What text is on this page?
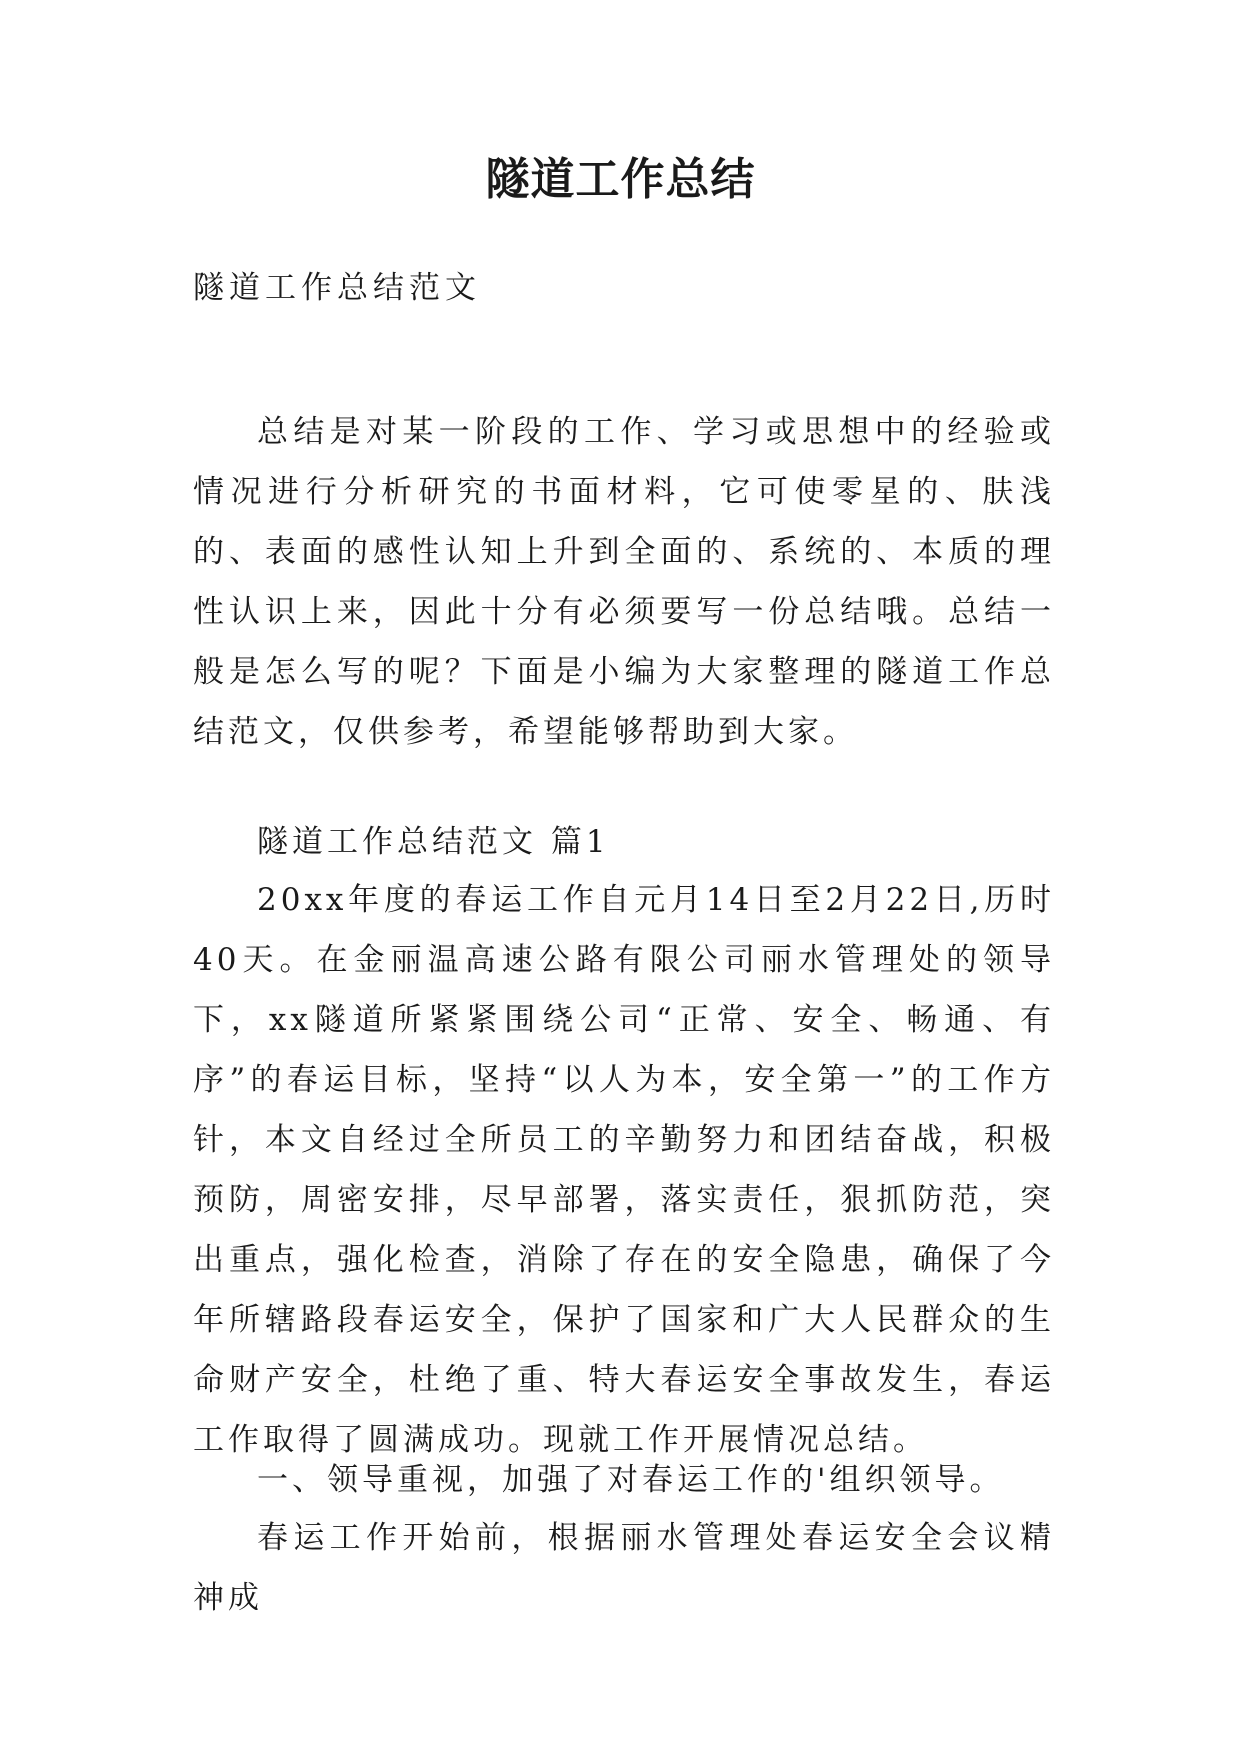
隧道工作总结
隧道工作总结范文
总结是对某一阶段的工作、学习或思想中的经验或情况进行分析研究的书面材料，它可使零星的、肤浅的、表面的感性认知上升到全面的、系统的、本质的理性认识上来，因此十分有必须要写一份总结哦。总结一般是怎么写的呢？下面是小编为大家整理的隧道工作总结范文，仅供参考，希望能够帮助到大家。
隧道工作总结范文 篇1
20xx年度的春运工作自元月14日至2月22日,历时40天。在金丽温高速公路有限公司丽水管理处的领导下，xx隧道所紧紧围绕公司“正常、安全、畅通、有序”的春运目标，坚持“以人为本，安全第一”的工作方针，本文自经过全所员工的辛勤努力和团结奋战，积极预防，周密安排，尽早部署，落实责任，狠抓防范，突出重点，强化检查，消除了存在的安全隐患，确保了今年所辖路段春运安全，保护了国家和广大人民群众的生命财产安全，杜绝了重、特大春运安全事故发生，春运工作取得了圆满成功。现就工作开展情况总结。
一、领导重视，加强了对春运工作的'组织领导。
春运工作开始前，根据丽水管理处春运安全会议精神成
